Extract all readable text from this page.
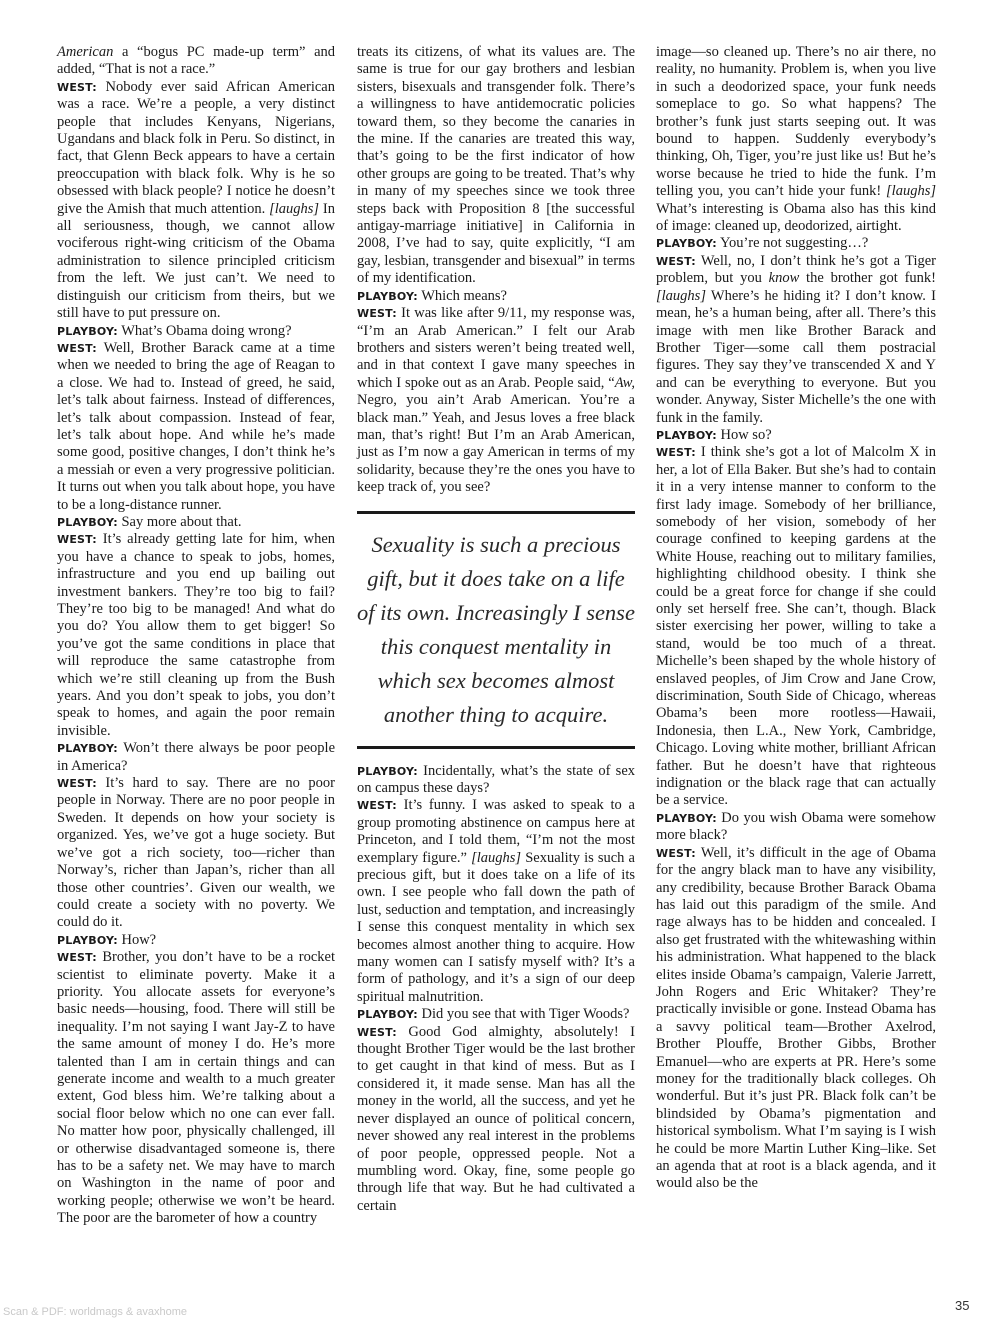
American a “bogus PC made-up term” and added, “That is not a race.”

WEST: Nobody ever said African American was a race. We’re a people, a very distinct people that includes Kenyans, Nigerians, Ugandans and black folk in Peru. So distinct, in fact, that Glenn Beck appears to have a certain preoccupation with black folk. Why is he so obsessed with black people? I notice he doesn’t give the Amish that much attention. [laughs] In all seriousness, though, we cannot allow vociferous right-wing criticism of the Obama administration to silence principled criticism from the left. We just can’t. We need to distinguish our criticism from theirs, but we still have to put pressure on.

PLAYBOY: What’s Obama doing wrong?

WEST: Well, Brother Barack came at a time when we needed to bring the age of Reagan to a close. We had to. Instead of greed, he said, let’s talk about fairness. Instead of differences, let’s talk about compassion. Instead of fear, let’s talk about hope. And while he’s made some good, positive changes, I don’t think he’s a messiah or even a very progressive politician. It turns out when you talk about hope, you have to be a long-distance runner.

PLAYBOY: Say more about that.

WEST: It’s already getting late for him, when you have a chance to speak to jobs, homes, infrastructure and you end up bailing out investment bankers. They’re too big to fail? They’re too big to be managed! And what do you do? You allow them to get bigger! So you’ve got the same conditions in place that will reproduce the same catastrophe from which we’re still cleaning up from the Bush years. And you don’t speak to jobs, you don’t speak to homes, and again the poor remain invisible.

PLAYBOY: Won’t there always be poor people in America?

WEST: It’s hard to say. There are no poor people in Norway. There are no poor people in Sweden. It depends on how your society is organized. Yes, we’ve got a huge society. But we’ve got a rich society, too—richer than Norway’s, richer than Japan’s, richer than all those other countries’. Given our wealth, we could create a society with no poverty. We could do it.

PLAYBOY: How?

WEST: Brother, you don’t have to be a rocket scientist to eliminate poverty. Make it a priority. You allocate assets for everyone’s basic needs—housing, food. There will still be inequality. I’m not saying I want Jay-Z to have the same amount of money I do. He’s more talented than I am in certain things and can generate income and wealth to a much greater extent, God bless him. We’re talking about a social floor below which no one can ever fall. No matter how poor, physically challenged, ill or otherwise disadvantaged someone is, there has to be a safety net. We may have to march on Washington in the name of poor and working people; otherwise we won’t be heard. The poor are the barometer of how a country

treats its citizens, of what its values are. The same is true for our gay brothers and lesbian sisters, bisexuals and transgender folk. There’s a willingness to have antidemocratic policies toward them, so they become the canaries in the mine. If the canaries are treated this way, that’s going to be the first indicator of how other groups are going to be treated. That’s why in many of my speeches since we took three steps back with Proposition 8 [the successful antigay-marriage initiative] in California in 2008, I’ve had to say, quite explicitly, “I am gay, lesbian, transgender and bisexual” in terms of my identification.

PLAYBOY: Which means?

WEST: It was like after 9/11, my response was, “I’m an Arab American.” I felt our Arab brothers and sisters weren’t being treated well, and in that context I gave many speeches in which I spoke out as an Arab. People said, “Aw, Negro, you ain’t Arab American. You’re a black man.” Yeah, and Jesus loves a free black man, that’s right! But I’m an Arab American, just as I’m now a gay American in terms of my solidarity, because they’re the ones you have to keep track of, you see?

Sexuality is such a precious gift, but it does take on a life of its own. Increasingly I sense this conquest mentality in which sex becomes almost another thing to acquire.

PLAYBOY: Incidentally, what’s the state of sex on campus these days?

WEST: It’s funny. I was asked to speak to a group promoting abstinence on campus here at Princeton, and I told them, “I’m not the most exemplary figure.” [laughs] Sexuality is such a precious gift, but it does take on a life of its own. I see people who fall down the path of lust, seduction and temptation, and increasingly I sense this conquest mentality in which sex becomes almost another thing to acquire. How many women can I satisfy myself with? It’s a form of pathology, and it’s a sign of our deep spiritual malnutrition.

PLAYBOY: Did you see that with Tiger Woods?

WEST: Good God almighty, absolutely! I thought Brother Tiger would be the last brother to get caught in that kind of mess. But as I considered it, it made sense. Man has all the money in the world, all the success, and yet he never displayed an ounce of political concern, never showed any real interest in the problems of poor people, oppressed people. Not a mumbling word. Okay, fine, some people go through life that way. But he had cultivated a certain

image—so cleaned up. There’s no air there, no reality, no humanity. Problem is, when you live in such a deodorized space, your funk needs someplace to go. So what happens? The brother’s funk just starts seeping out. It was bound to happen. Suddenly everybody’s thinking, Oh, Tiger, you’re just like us! But he’s worse because he tried to hide the funk. I’m telling you, you can’t hide your funk! [laughs] What’s interesting is Obama also has this kind of image: cleaned up, deodorized, airtight.

PLAYBOY: You’re not suggesting…?

WEST: Well, no, I don’t think he’s got a Tiger problem, but you know the brother got funk! [laughs] Where’s he hiding it? I don’t know. I mean, he’s a human being, after all. There’s this image with men like Brother Barack and Brother Tiger—some call them postracial figures. They say they’ve transcended X and Y and can be everything to everyone. But you wonder. Anyway, Sister Michelle’s the one with funk in the family.

PLAYBOY: How so?

WEST: I think she’s got a lot of Malcolm X in her, a lot of Ella Baker. But she’s had to contain it in a very intense manner to conform to the first lady image. Somebody of her brilliance, somebody of her vision, somebody of her courage confined to keeping gardens at the White House, reaching out to military families, highlighting childhood obesity. I think she could be a great force for change if she could only set herself free. She can’t, though. Black sister exercising her power, willing to take a stand, would be too much of a threat. Michelle’s been shaped by the whole history of enslaved peoples, of Jim Crow and Jane Crow, discrimination, South Side of Chicago, whereas Obama’s been more rootless—Hawaii, Indonesia, then L.A., New York, Cambridge, Chicago. Loving white mother, brilliant African father. But he doesn’t have that righteous indignation or the black rage that can actually be a service.

PLAYBOY: Do you wish Obama were somehow more black?

WEST: Well, it’s difficult in the age of Obama for the angry black man to have any visibility, any credibility, because Brother Barack Obama has laid out this paradigm of the smile. And rage always has to be hidden and concealed. I also get frustrated with the whitewashing within his administration. What happened to the black elites inside Obama’s campaign, Valerie Jarrett, John Rogers and Eric Whitaker? They’re practically invisible or gone. Instead Obama has a savvy political team—Brother Axelrod, Brother Plouffe, Brother Gibbs, Brother Emanuel—who are experts at PR. Here’s some money for the traditionally black colleges. Oh wonderful. But it’s just PR. Black folk can’t be blindsided by Obama’s pigmentation and historical symbolism. What I’m saying is I wish he could be more Martin Luther King–like. Set an agenda that at root is a black agenda, and it would also be the

35
Scan & PDF: worldmags & avaxhome
